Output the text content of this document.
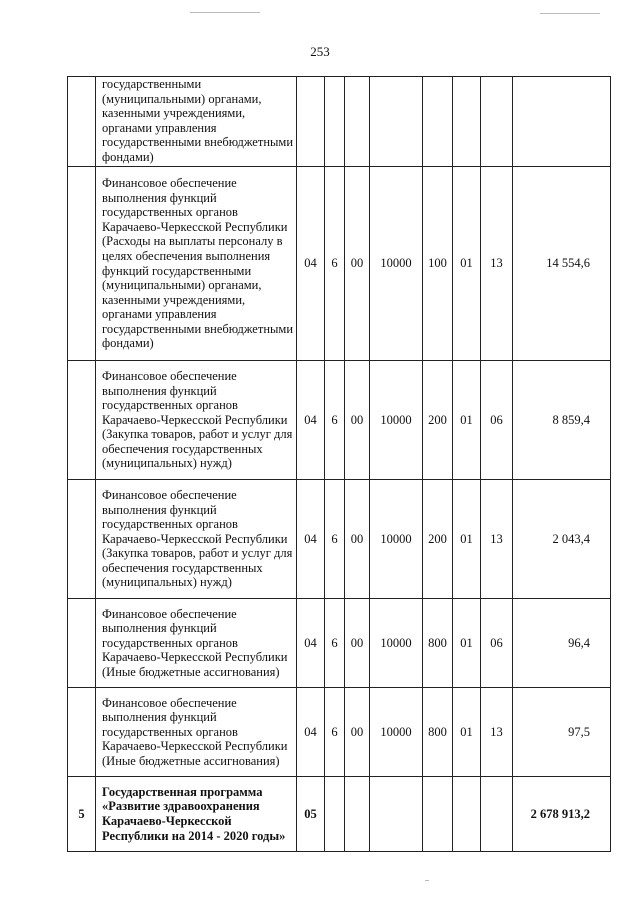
253
	государственными (муниципальными) органами, казенными учреждениями, органами управления государственными внебюджетными фондами)								
	Финансовое обеспечение выполнения функций государственных органов Карачаево-Черкесской Республики (Расходы на выплаты персоналу в целях обеспечения выполнения функций государственными (муниципальными) органами, казенными учреждениями, органами управления государственными внебюджетными фондами)	04	6	00	10000	100	01	13	14 554,6
	Финансовое обеспечение выполнения функций государственных органов Карачаево-Черкесской Республики (Закупка товаров, работ и услуг для обеспечения государственных (муниципальных) нужд)	04	6	00	10000	200	01	06	8 859,4
	Финансовое обеспечение выполнения функций государственных органов Карачаево-Черкесской Республики (Закупка товаров, работ и услуг для обеспечения государственных (муниципальных) нужд)	04	6	00	10000	200	01	13	2 043,4
	Финансовое обеспечение выполнения функций государственных органов Карачаево-Черкесской Республики (Иные бюджетные ассигнования)	04	6	00	10000	800	01	06	96,4
	Финансовое обеспечение выполнения функций государственных органов Карачаево-Черкесской Республики (Иные бюджетные ассигнования)	04	6	00	10000	800	01	13	97,5
5	Государственная программа «Развитие здравоохранения Карачаево-Черкесской Республики на 2014 - 2020 годы»	05							2 678 913,2
